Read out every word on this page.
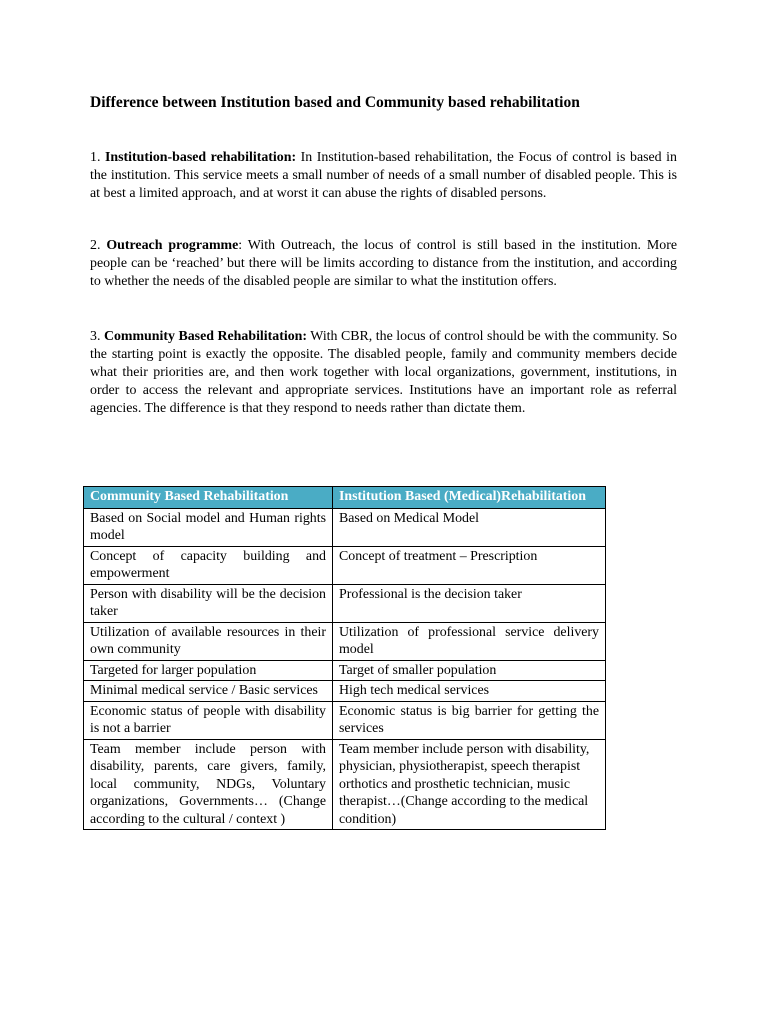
Difference between Institution based and Community based rehabilitation

1. Institution-based rehabilitation: In Institution-based rehabilitation, the Focus of control is based in the institution. This service meets a small number of needs of a small number of disabled people. This is at best a limited approach, and at worst it can abuse the rights of disabled persons.

2. Outreach programme: With Outreach, the locus of control is still based in the institution. More people can be ‘reached’ but there will be limits according to distance from the institution, and according to whether the needs of the disabled people are similar to what the institution offers.

3. Community Based Rehabilitation: With CBR, the locus of control should be with the community. So the starting point is exactly the opposite. The disabled people, family and community members decide what their priorities are, and then work together with local organizations, government, institutions, in order to access the relevant and appropriate services. Institutions have an important role as referral agencies. The difference is that they respond to needs rather than dictate them.

Community Based Rehabilitation	Institution Based (Medical)Rehabilitation
Based on Social model and Human rights model	Based on Medical Model
Concept of capacity building and empowerment	Concept of treatment – Prescription
Person with disability will be the decision taker	Professional is the decision taker
Utilization of available resources in their own community	Utilization of professional service delivery model
Targeted for larger population	Target of smaller population
Minimal medical service / Basic services	High tech medical services
Economic status of people with disability is not a barrier	Economic status is big barrier for getting the services
Team member include person with disability, parents, care givers, family, local community, NDGs, Voluntary organizations, Governments… (Change according to the cultural / context )	Team member include person with disability, physician, physiotherapist, speech therapist orthotics and prosthetic technician, music therapist…(Change according to the medical condition)
